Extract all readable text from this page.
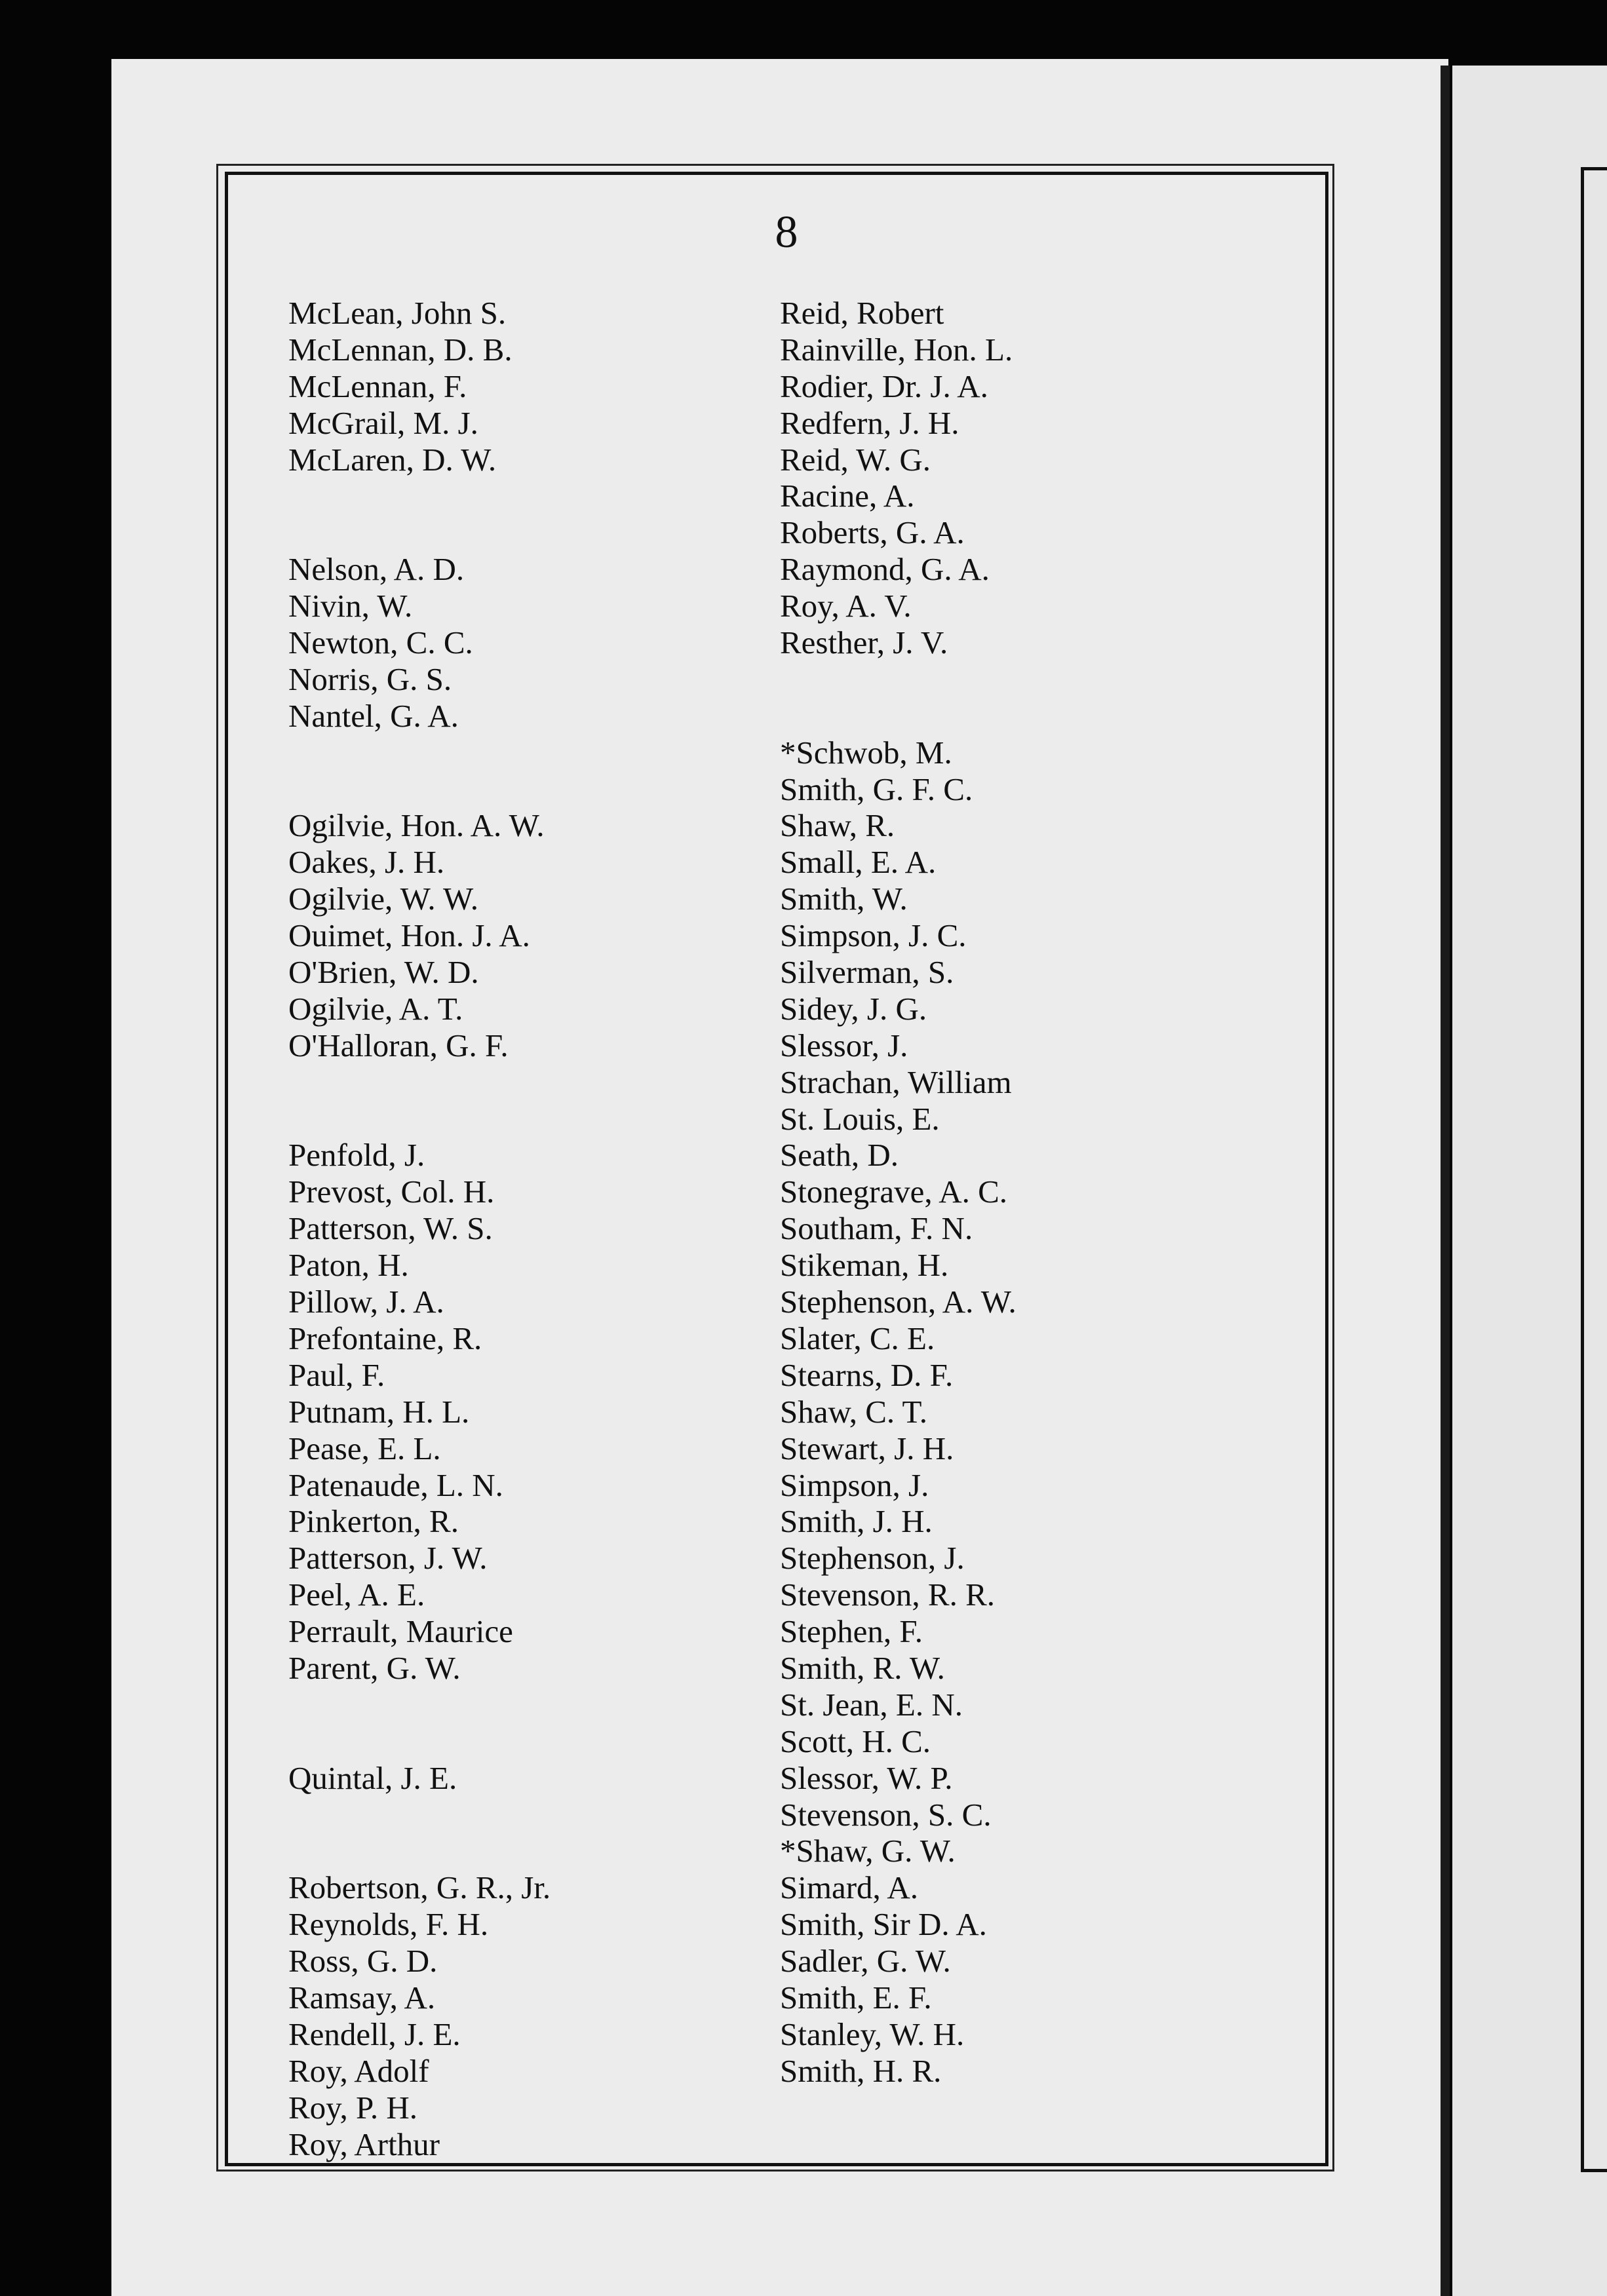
8
McLean, John S.
McLennan, D. B.
McLennan, F.
McGrail, M. J.
McLaren, D. W.
Nelson, A. D.
Nivin, W.
Newton, C. C.
Norris, G. S.
Nantel, G. A.
Ogilvie, Hon. A. W.
Oakes, J. H.
Ogilvie, W. W.
Ouimet, Hon. J. A.
O'Brien, W. D.
Ogilvie, A. T.
O'Halloran, G. F.
Penfold, J.
Prevost, Col. H.
Patterson, W. S.
Paton, H.
Pillow, J. A.
Prefontaine, R.
Paul, F.
Putnam, H. L.
Pease, E. L.
Patenaude, L. N.
Pinkerton, R.
Patterson, J. W.
Peel, A. E.
Perrault, Maurice
Parent, G. W.
Quintal, J. E.
Robertson, G. R., Jr.
Reynolds, F. H.
Ross, G. D.
Ramsay, A.
Rendell, J. E.
Roy, Adolf
Roy, P. H.
Roy, Arthur
Reid, Robert
Rainville, Hon. L.
Rodier, Dr. J. A.
Redfern, J. H.
Reid, W. G.
Racine, A.
Roberts, G. A.
Raymond, G. A.
Roy, A. V.
Resther, J. V.
*Schwob, M.
Smith, G. F. C.
Shaw, R.
Small, E. A.
Smith, W.
Simpson, J. C.
Silverman, S.
Sidey, J. G.
Slessor, J.
Strachan, William
St. Louis, E.
Seath, D.
Stonegrave, A. C.
Southam, F. N.
Stikeman, H.
Stephenson, A. W.
Slater, C. E.
Stearns, D. F.
Shaw, C. T.
Stewart, J. H.
Simpson, J.
Smith, J. H.
Stephenson, J.
Stevenson, R. R.
Stephen, F.
Smith, R. W.
St. Jean, E. N.
Scott, H. C.
Slessor, W. P.
Stevenson, S. C.
*Shaw, G. W.
Simard, A.
Smith, Sir D. A.
Sadler, G. W.
Smith, E. F.
Stanley, W. H.
Smith, H. R.
